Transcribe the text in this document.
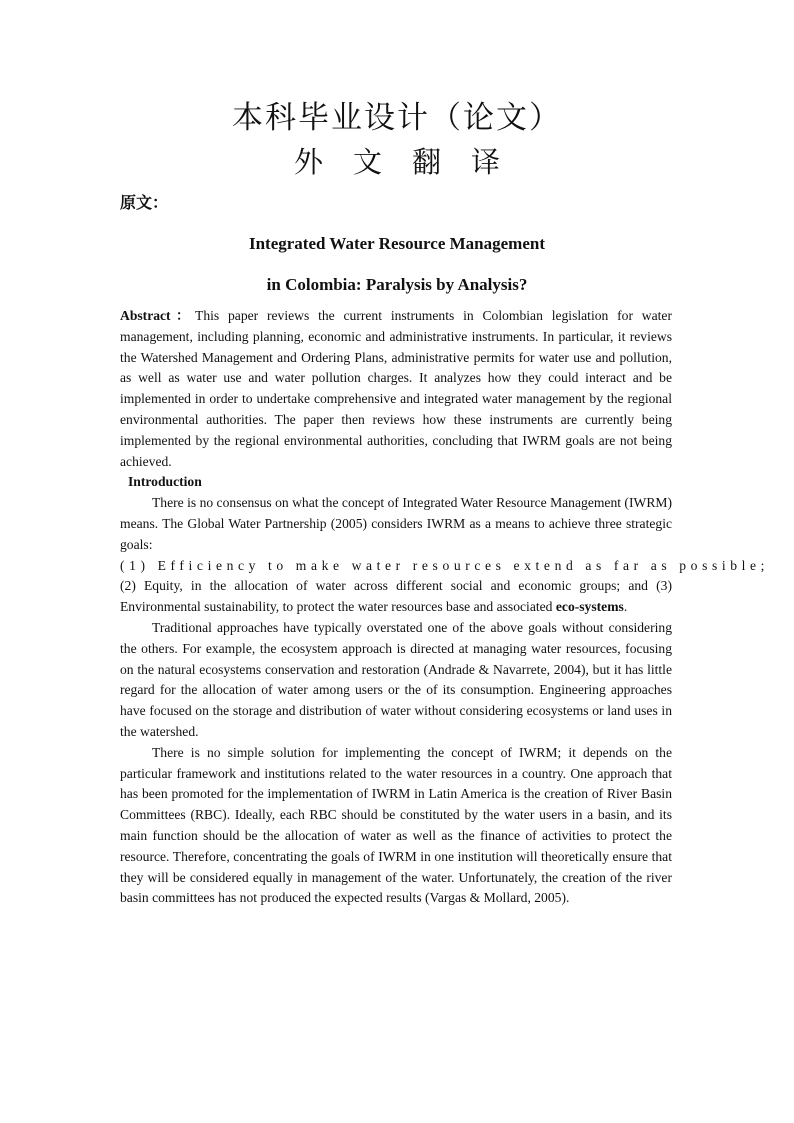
本科毕业设计（论文）
外文翻译

原文：

Integrated Water Resource Management

in Colombia: Paralysis by Analysis?

Abstract：This paper reviews the current instruments in Colombian legislation for water management, including planning, economic and administrative instruments. In particular, it reviews the Watershed Management and Ordering Plans, administrative permits for water use and pollution, as well as water use and water pollution charges. It analyzes how they could interact and be implemented in order to undertake comprehensive and integrated water management by the regional environmental authorities. The paper then reviews how these instruments are currently being implemented by the regional environmental authorities, concluding that IWRM goals are not being achieved.

Introduction

There is no consensus on what the concept of Integrated Water Resource Management (IWRM) means. The Global Water Partnership (2005) considers IWRM as a means to achieve three strategic goals:

(1) Efficiency to make water resources extend as far as possible;

(2) Equity, in the allocation of water across different social and economic groups; and (3) Environmental sustainability, to protect the water resources base and associated eco-systems.

Traditional approaches have typically overstated one of the above goals without considering the others. For example, the ecosystem approach is directed at managing water resources, focusing on the natural ecosystems conservation and restoration (Andrade & Navarrete, 2004), but it has little regard for the allocation of water among users or the of its consumption. Engineering approaches have focused on the storage and distribution of water without considering ecosystems or land uses in the watershed.

There is no simple solution for implementing the concept of IWRM; it depends on the particular framework and institutions related to the water resources in a country. One approach that has been promoted for the implementation of IWRM in Latin America is the creation of River Basin Committees (RBC). Ideally, each RBC should be constituted by the water users in a basin, and its main function should be the allocation of water as well as the finance of activities to protect the resource. Therefore, concentrating the goals of IWRM in one institution will theoretically ensure that they will be considered equally in management of the water. Unfortunately, the creation of the river basin committees has not produced the expected results (Vargas & Mollard, 2005).
